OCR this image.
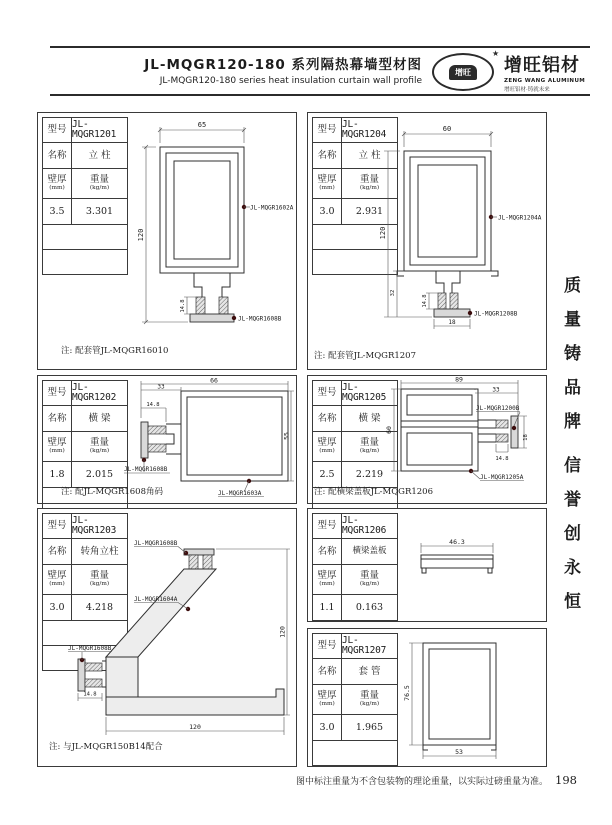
JL-MQGR120-180 系列隔热幕墙型材图
JL-MQGR120-180 series heat insulation curtain wall profile
增旺
★
增旺铝材
ZENG WANG ALUMINUM
增旺铝材·铸就未来
型号 JL-MQGR1201
名称	立 柱
壁厚
(mm)
重量
(kg/m)
3.5	3.301
65
120
14.8
JL-MQGR1602A
JL-MQGR1608B
注: 配套管JL-MQGR16010
型号 JL-MQGR1204
名称	立 柱
壁厚
(mm)
重量
(kg/m)
3.0	2.931
60
120
32
14.8
18
JL-MQGR1204A
JL-MQGR1208B
注: 配套管JL-MQGR1207
型号 JL-MQGR1202
名称	横 梁
壁厚
(mm)
重量
(kg/m)
1.8	2.015
66
33
14.8
55
JL-MQGR1608B
JL-MQGR1603A
注: 配JL-MQGR1608角码
型号 JL-MQGR1205
名称	横 梁
壁厚
(mm)
重量
(kg/m)
2.5	2.219
89
33
60
14.8
18
JL-MQGR1200B
JL-MQGR1205A
注: 配横梁盖板JL-MQGR1206
型号 JL-MQGR1203
名称	转角立柱
壁厚
(mm)
重量
(kg/m)
3.0	4.218
14.8
120
120
JL-MQGR1608B
JL-MQGR1604A
JL-MQGR1608B
注: 与JL-MQGR150B14配合
型号 JL-MQGR1206
名称	横梁盖板
壁厚
(mm)
重量
(kg/m)
1.1	0.163
46.3
型号 JL-MQGR1207
名称	套 管
壁厚
(mm)
重量
(kg/m)
3.0	1.965
76.5
53
质量铸品牌
信誉创永恒
图中标注重量为不含包装物的理论重量，以实际过磅重量为准。 198
